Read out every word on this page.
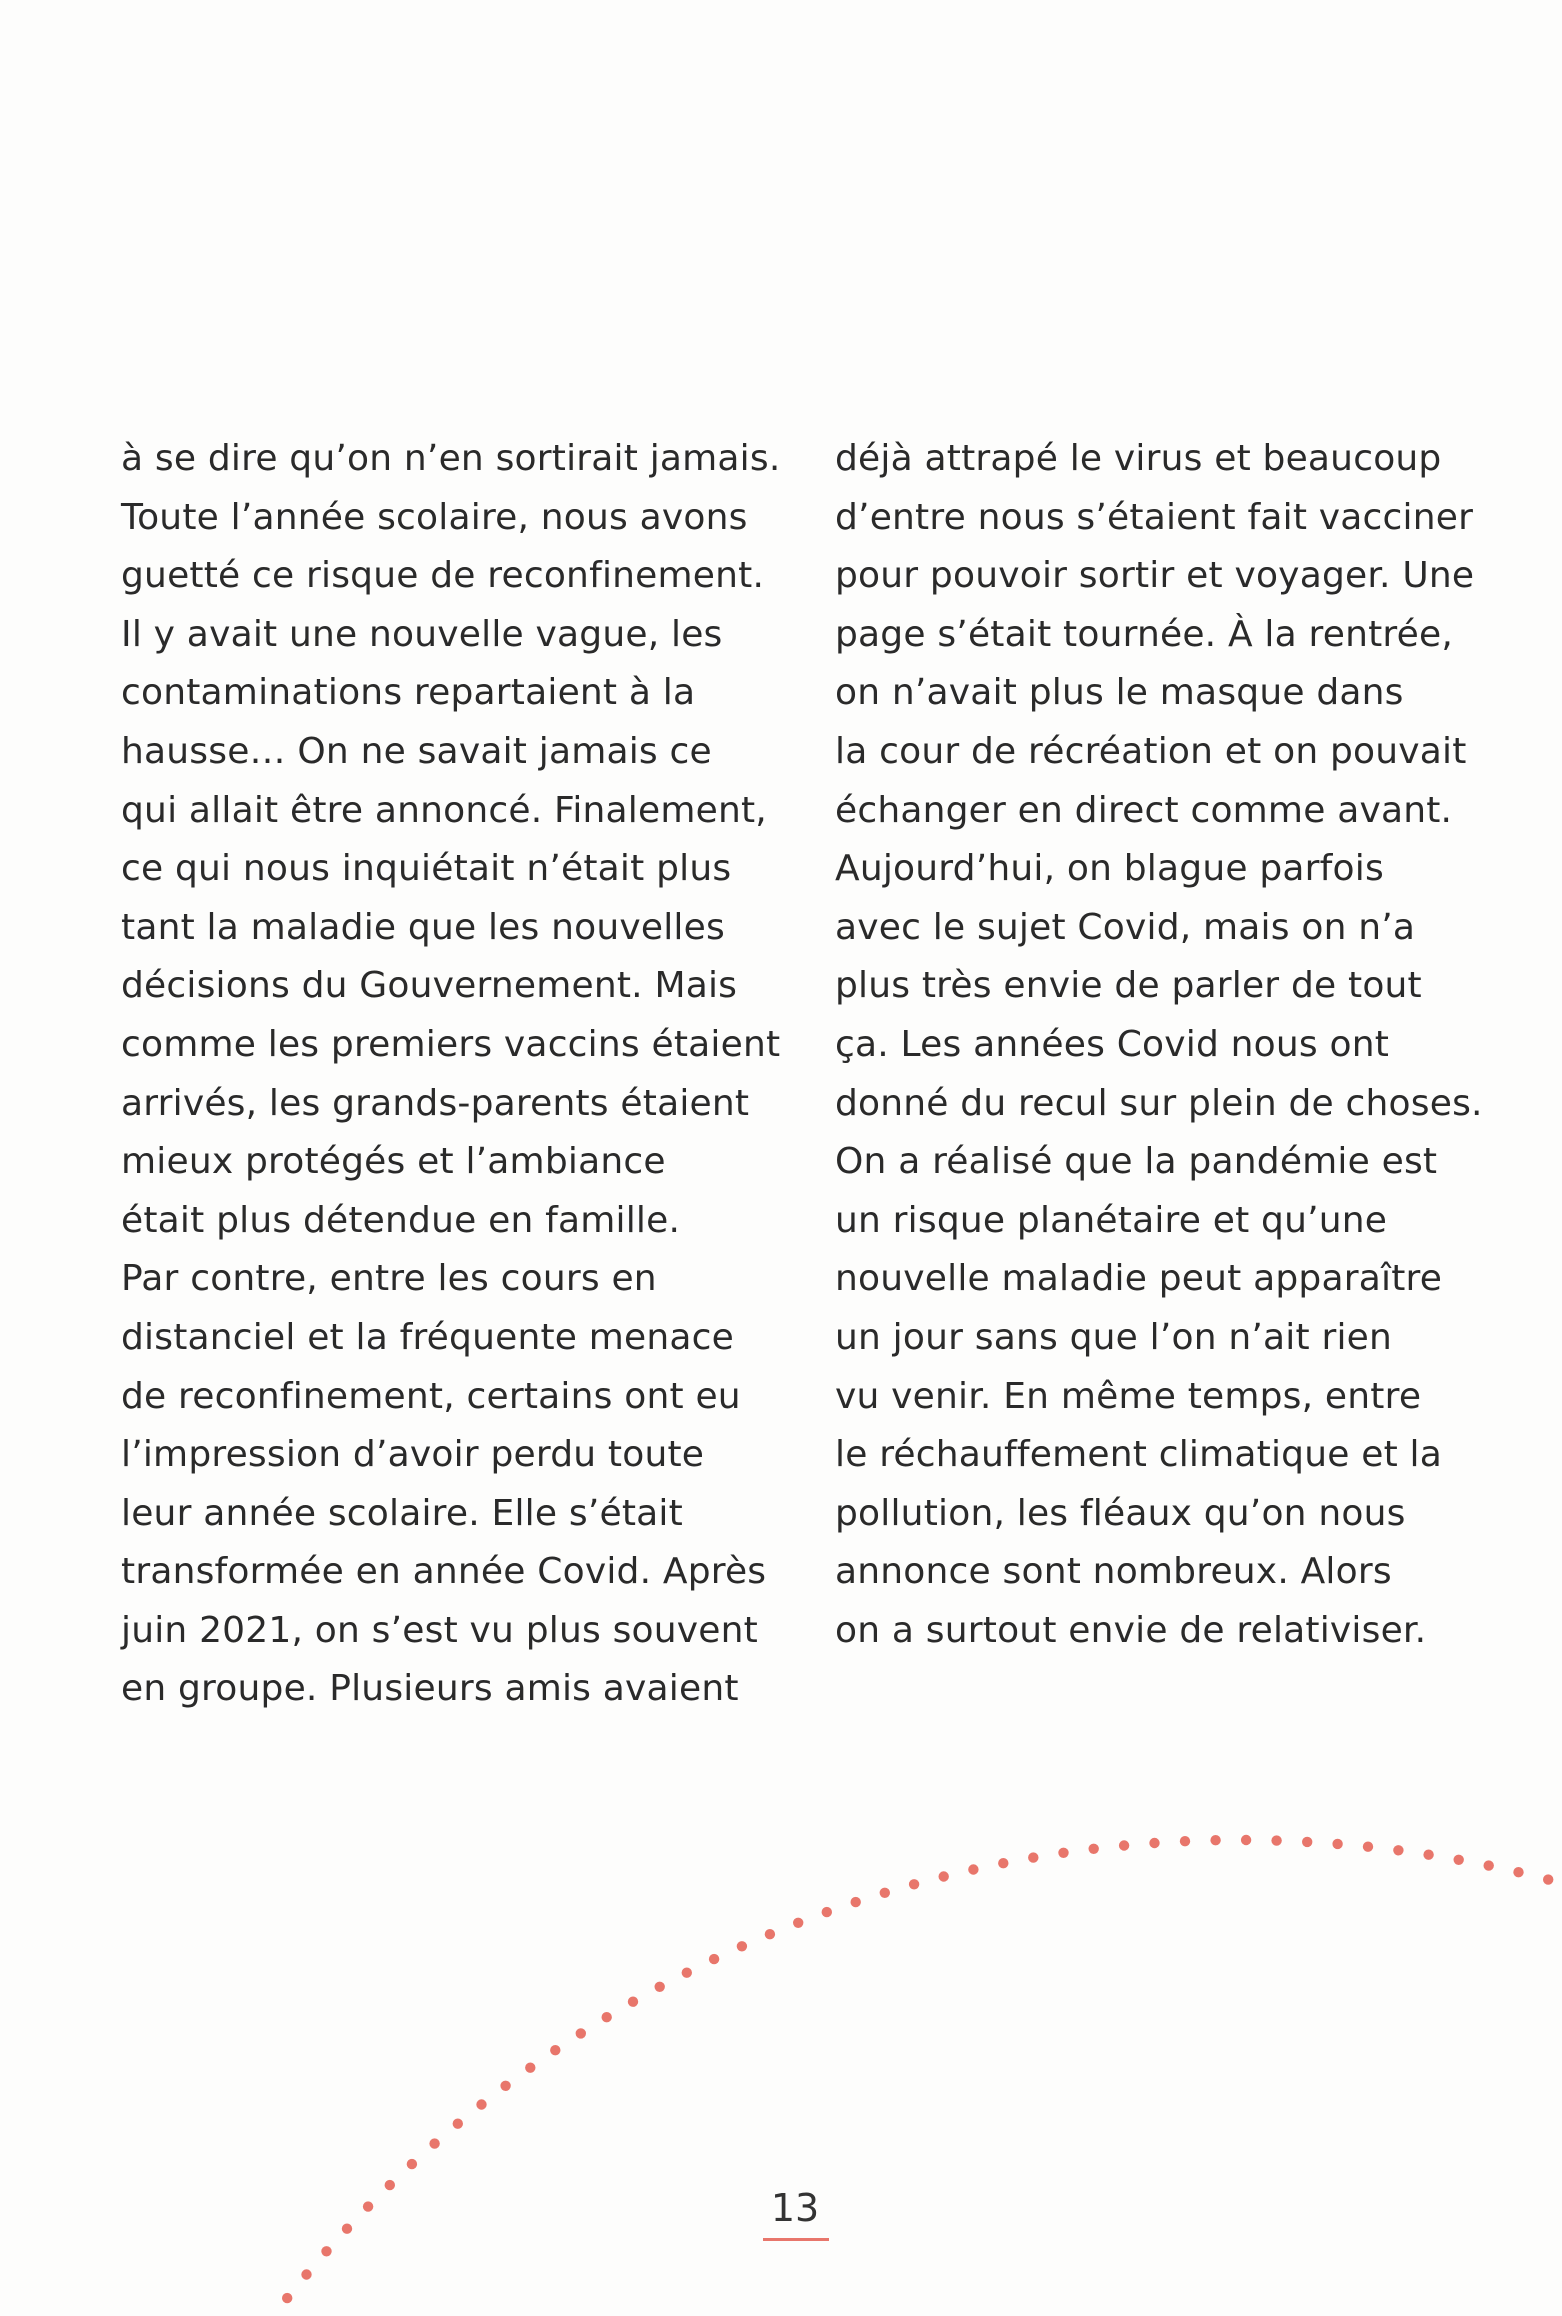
à se dire qu’on n’en sortirait jamais.
Toute l’année scolaire, nous avons
guetté ce risque de reconfinement.
Il y avait une nouvelle vague, les
contaminations repartaient à la
hausse… On ne savait jamais ce
qui allait être annoncé. Finalement,
ce qui nous inquiétait n’était plus
tant la maladie que les nouvelles
décisions du Gouvernement. Mais
comme les premiers vaccins étaient
arrivés, les grands-parents étaient
mieux protégés et l’ambiance
était plus détendue en famille.
Par contre, entre les cours en
distanciel et la fréquente menace
de reconfinement, certains ont eu
l’impression d’avoir perdu toute
leur année scolaire. Elle s’était
transformée en année Covid. Après
juin 2021, on s’est vu plus souvent
en groupe. Plusieurs amis avaient
déjà attrapé le virus et beaucoup
d’entre nous s’étaient fait vacciner
pour pouvoir sortir et voyager. Une
page s’était tournée. À la rentrée,
on n’avait plus le masque dans
la cour de récréation et on pouvait
échanger en direct comme avant.
Aujourd’hui, on blague parfois
avec le sujet Covid, mais on n’a
plus très envie de parler de tout
ça. Les années Covid nous ont
donné du recul sur plein de choses.
On a réalisé que la pandémie est
un risque planétaire et qu’une
nouvelle maladie peut apparaître
un jour sans que l’on n’ait rien
vu venir. En même temps, entre
le réchauffement climatique et la
pollution, les fléaux qu’on nous
annonce sont nombreux. Alors
on a surtout envie de relativiser.
13
